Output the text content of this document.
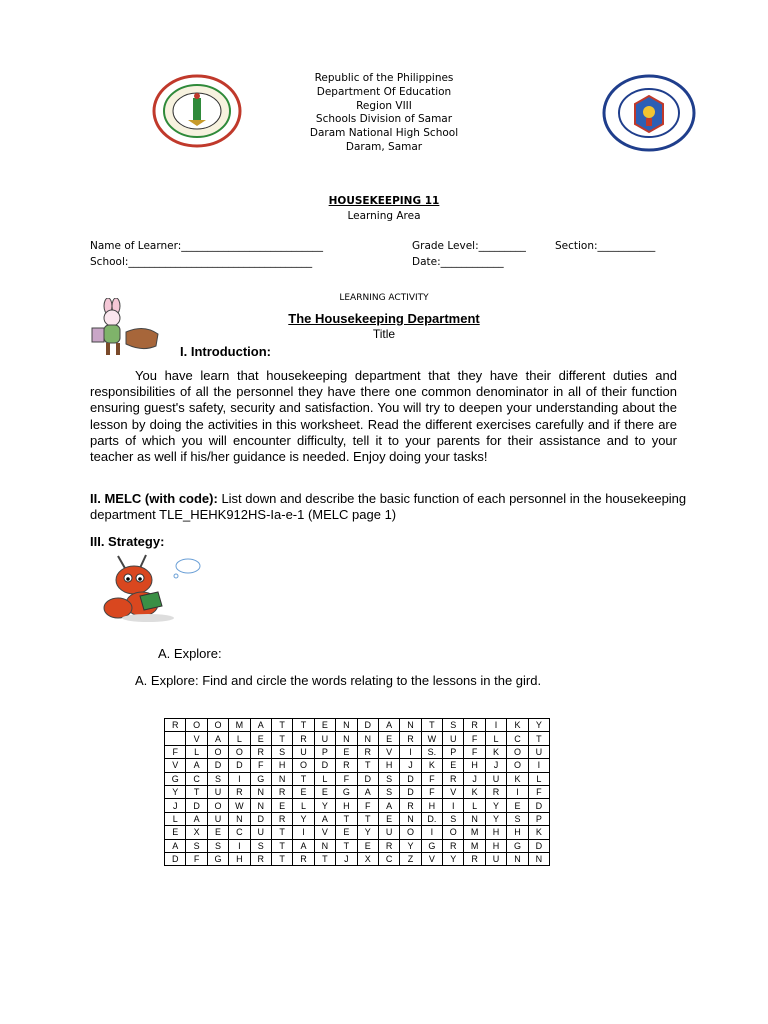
Republic of the Philippines
Department Of Education
Region VIII
Schools Division of Samar
Daram National High School
Daram, Samar
HOUSEKEEPING 11
Learning Area
Name of Learner:___________________________	Grade Level:_________	Section:___________
School:___________________________________	Date:____________
LEARNING ACTIVITY
The Housekeeping Department
Title
I. Introduction:
You have learn that housekeeping department that they have their different duties and responsibilities of all the personnel they have there one common denominator in all of their function ensuring guest's safety, security and satisfaction. You will try to deepen your understanding about the lesson by doing the activities in this worksheet. Read the different exercises carefully and if there are parts of which you will encounter difficulty, tell it to your parents for their assistance and to your teacher as well if his/her guidance is needed. Enjoy doing your tasks!
II. MELC (with code): List down and describe the basic function of each personnel in the housekeeping department TLE_HEHK912HS-Ia-e-1 (MELC page 1)
III. Strategy:
A. Explore:
A. Explore: Find and circle the words relating to the lessons in the gird.
R	O	O	M	A	T	T	E	N	D	A	N	T	S	R	I	K	Y
	V	A	L	E	T	R	U	N	N	E	R	W	U	F	L	C	T
F	L	O	O	R	S	U	P	E	R	V	I	S.	P	F	K	O	U
V	A	D	D	F	H	O	D	R	T	H	J	K	E	H	J	O	I
G	C	S	I	G	N	T	L	F	D	S	D	F	R	J	U	K	L
Y	T	U	R	N	R	E	E	G	A	S	D	F	V	K	R	I	F
J	D	O	W	N	E	L	Y	H	F	A	R	H	I	L	Y	E	D
L	A	U	N	D	R	Y	A	T	T	E	N	D.	S	N	Y	S	P
E	X	E	C	U	T	I	V	E	Y	U	O	I	O	M	H	H	K
A	S	S	I	S	T	A	N	T	E	R	Y	G	R	M	H	G	D
D	F	G	H	R	T	R	T	J	X	C	Z	V	Y	R	U	N	N
